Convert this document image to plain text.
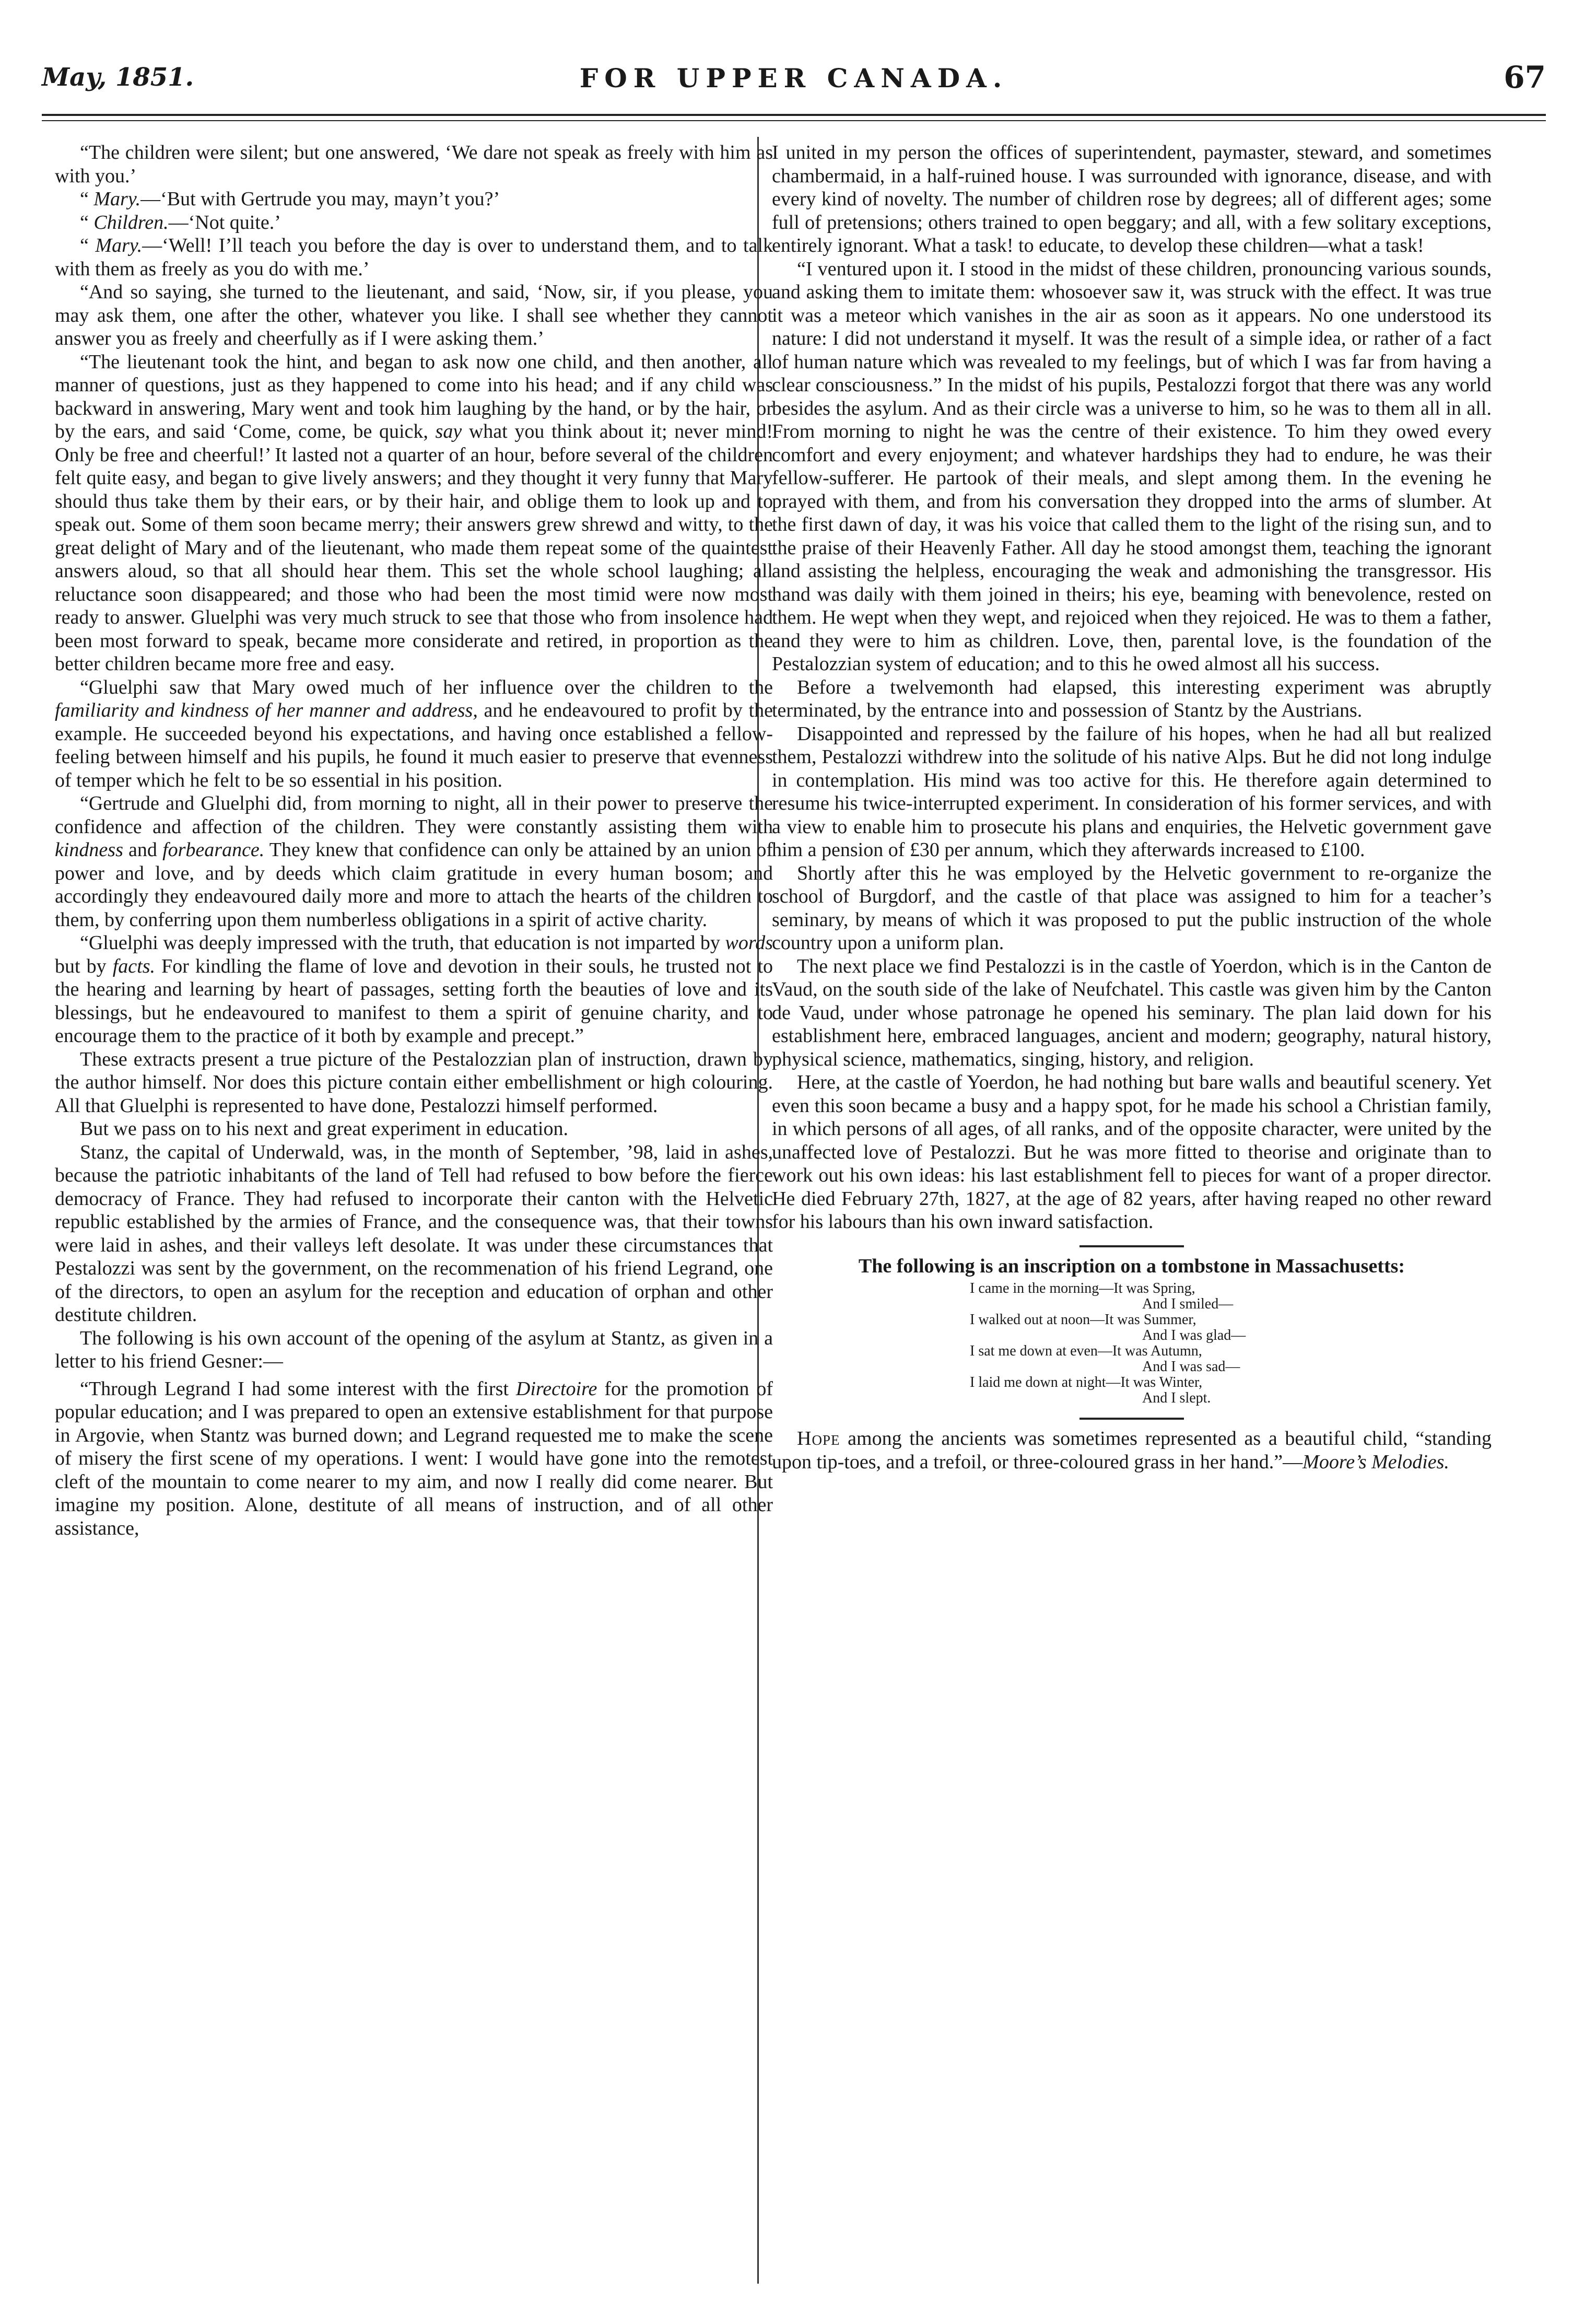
May, 1851.	FOR UPPER CANADA.	67

“The children were silent; but one answered, ‘We dare not speak as freely with him as with you.’

“ Mary.—‘But with Gertrude you may, mayn’t you?’

“ Children.—‘Not quite.’

“ Mary.—‘Well! I’ll teach you before the day is over to understand them, and to talk with them as freely as you do with me.’

“And so saying, she turned to the lieutenant, and said, ‘Now, sir, if you please, you may ask them, one after the other, whatever you like. I shall see whether they cannot answer you as freely and cheerfully as if I were asking them.’

“The lieutenant took the hint, and began to ask now one child, and then another, all manner of questions, just as they happened to come into his head; and if any child was backward in answering, Mary went and took him laughing by the hand, or by the hair, or by the ears, and said ‘Come, come, be quick, say what you think about it; never mind! Only be free and cheerful!’ It lasted not a quarter of an hour, before several of the children felt quite easy, and began to give lively answers; and they thought it very funny that Mary should thus take them by their ears, or by their hair, and oblige them to look up and to speak out. Some of them soon became merry; their answers grew shrewd and witty, to the great delight of Mary and of the lieutenant, who made them repeat some of the quaintest answers aloud, so that all should hear them. This set the whole school laughing; all reluctance soon disappeared; and those who had been the most timid were now most ready to answer. Gluelphi was very much struck to see that those who from insolence had been most forward to speak, became more considerate and retired, in proportion as the better children became more free and easy.

“Gluelphi saw that Mary owed much of her influence over the children to the familiarity and kindness of her manner and address, and he endeavoured to profit by the example. He succeeded beyond his expectations, and having once established a fellow-feeling between himself and his pupils, he found it much easier to preserve that evenness of temper which he felt to be so essential in his position.

“Gertrude and Gluelphi did, from morning to night, all in their power to preserve the confidence and affection of the children. They were constantly assisting them with kindness and forbearance. They knew that confidence can only be attained by an union of power and love, and by deeds which claim gratitude in every human bosom; and accordingly they endeavoured daily more and more to attach the hearts of the children to them, by conferring upon them numberless obligations in a spirit of active charity.

“Gluelphi was deeply impressed with the truth, that education is not imparted by words but by facts. For kindling the flame of love and devotion in their souls, he trusted not to the hearing and learning by heart of passages, setting forth the beauties of love and its blessings, but he endeavoured to manifest to them a spirit of genuine charity, and to encourage them to the practice of it both by example and precept.”

These extracts present a true picture of the Pestalozzian plan of instruction, drawn by the author himself. Nor does this picture contain either embellishment or high colouring. All that Gluelphi is represented to have done, Pestalozzi himself performed.

But we pass on to his next and great experiment in education.

Stanz, the capital of Underwald, was, in the month of September, ’98, laid in ashes, because the patriotic inhabitants of the land of Tell had refused to bow before the fierce democracy of France. They had refused to incorporate their canton with the Helvetic republic established by the armies of France, and the consequence was, that their towns were laid in ashes, and their valleys left desolate. It was under these circumstances that Pestalozzi was sent by the government, on the recommenation of his friend Legrand, one of the directors, to open an asylum for the reception and education of orphan and other destitute children.

The following is his own account of the opening of the asylum at Stantz, as given in a letter to his friend Gesner:—

“Through Legrand I had some interest with the first Directoire for the promotion of popular education; and I was prepared to open an extensive establishment for that purpose in Argovie, when Stantz was burned down; and Legrand requested me to make the scene of misery the first scene of my operations. I went: I would have gone into the remotest cleft of the mountain to come nearer to my aim, and now I really did come nearer. But imagine my position. Alone, destitute of all means of instruction, and of all other assistance,

I united in my person the offices of superintendent, paymaster, steward, and sometimes chambermaid, in a half-ruined house. I was surrounded with ignorance, disease, and with every kind of novelty. The number of children rose by degrees; all of different ages; some full of pretensions; others trained to open beggary; and all, with a few solitary exceptions, entirely ignorant. What a task! to educate, to develop these children—what a task!

“I ventured upon it. I stood in the midst of these children, pronouncing various sounds, and asking them to imitate them: whosoever saw it, was struck with the effect. It was true it was a meteor which vanishes in the air as soon as it appears. No one understood its nature: I did not understand it myself. It was the result of a simple idea, or rather of a fact of human nature which was revealed to my feelings, but of which I was far from having a clear consciousness.” In the midst of his pupils, Pestalozzi forgot that there was any world besides the asylum. And as their circle was a universe to him, so he was to them all in all. From morning to night he was the centre of their existence. To him they owed every comfort and every enjoyment; and whatever hardships they had to endure, he was their fellow-sufferer. He partook of their meals, and slept among them. In the evening he prayed with them, and from his conversation they dropped into the arms of slumber. At the first dawn of day, it was his voice that called them to the light of the rising sun, and to the praise of their Heavenly Father. All day he stood amongst them, teaching the ignorant and assisting the helpless, encouraging the weak and admonishing the transgressor. His hand was daily with them joined in theirs; his eye, beaming with benevolence, rested on them. He wept when they wept, and rejoiced when they rejoiced. He was to them a father, and they were to him as children. Love, then, parental love, is the foundation of the Pestalozzian system of education; and to this he owed almost all his success.

Before a twelvemonth had elapsed, this interesting experiment was abruptly terminated, by the entrance into and possession of Stantz by the Austrians.

Disappointed and repressed by the failure of his hopes, when he had all but realized them, Pestalozzi withdrew into the solitude of his native Alps. But he did not long indulge in contemplation. His mind was too active for this. He therefore again determined to resume his twice-interrupted experiment. In consideration of his former services, and with a view to enable him to prosecute his plans and enquiries, the Helvetic government gave him a pension of £30 per annum, which they afterwards increased to £100.

Shortly after this he was employed by the Helvetic government to re-organize the school of Burgdorf, and the castle of that place was assigned to him for a teacher’s seminary, by means of which it was proposed to put the public instruction of the whole country upon a uniform plan.

The next place we find Pestalozzi is in the castle of Yoerdon, which is in the Canton de Vaud, on the south side of the lake of Neufchatel. This castle was given him by the Canton de Vaud, under whose patronage he opened his seminary. The plan laid down for his establishment here, embraced languages, ancient and modern; geography, natural history, physical science, mathematics, singing, history, and religion.

Here, at the castle of Yoerdon, he had nothing but bare walls and beautiful scenery. Yet even this soon became a busy and a happy spot, for he made his school a Christian family, in which persons of all ages, of all ranks, and of the opposite character, were united by the unaffected love of Pestalozzi. But he was more fitted to theorise and originate than to work out his own ideas: his last establishment fell to pieces for want of a proper director. He died February 27th, 1827, at the age of 82 years, after having reaped no other reward for his labours than his own inward satisfaction.

The following is an inscription on a tombstone in Massachusetts:

I came in the morning—It was Spring,
And I smiled—
I walked out at noon—It was Summer,
And I was glad—
I sat me down at even—It was Autumn,
And I was sad—
I laid me down at night—It was Winter,
And I slept.

Hope among the ancients was sometimes represented as a beautiful child, “standing upon tip-toes, and a trefoil, or three-coloured grass in her hand.”—Moore’s Melodies.
